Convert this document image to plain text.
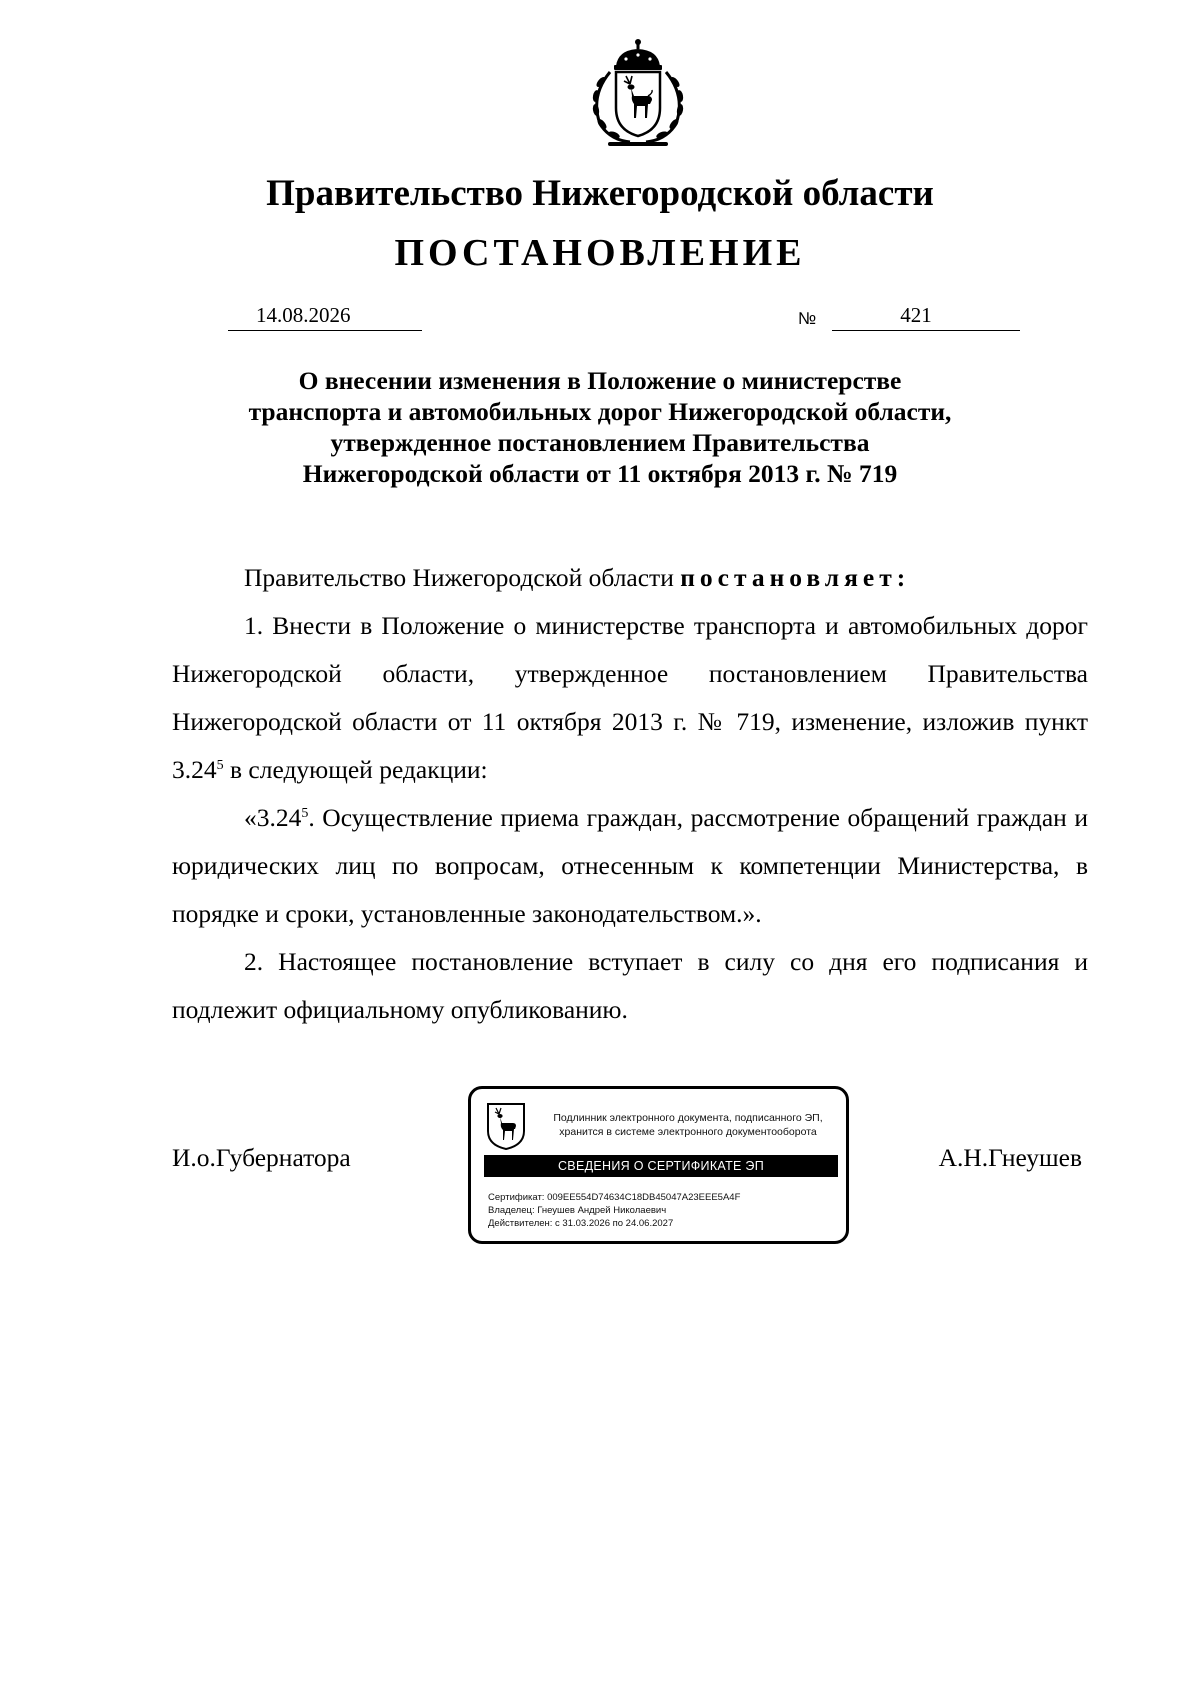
Правительство Нижегородской области
ПОСТАНОВЛЕНИЕ
14.08.2026	№	421
О внесении изменения в Положение о министерстве
транспорта и автомобильных дорог Нижегородской области,
утвержденное постановлением Правительства
Нижегородской области от 11 октября 2013 г. № 719

Правительство Нижегородской области постановляет:

1. Внести в Положение о министерстве транспорта и автомобильных дорог Нижегородской области, утвержденное постановлением Правительства Нижегородской области от 11 октября 2013 г. № 719, изменение, изложив пункт 3.24$^5$ в следующей редакции:

«3.24$^5$. Осуществление приема граждан, рассмотрение обращений граждан и юридических лиц по вопросам, отнесенным к компетенции Министерства, в порядке и сроки, установленные законодательством.».

2. Настоящее постановление вступает в силу со дня его подписания и подлежит официальному опубликованию.

И.о.Губернатора	А.Н.Гнеушев
Подлинник электронного документа, подписанного ЭП,
хранится в системе электронного документооборота
СВЕДЕНИЯ О СЕРТИФИКАТЕ ЭП
Сертификат: 009EE554D74634C18DB45047A23EEE5A4F
Владелец: Гнеушев Андрей Николаевич
Действителен: с 31.03.2026 по 24.06.2027
